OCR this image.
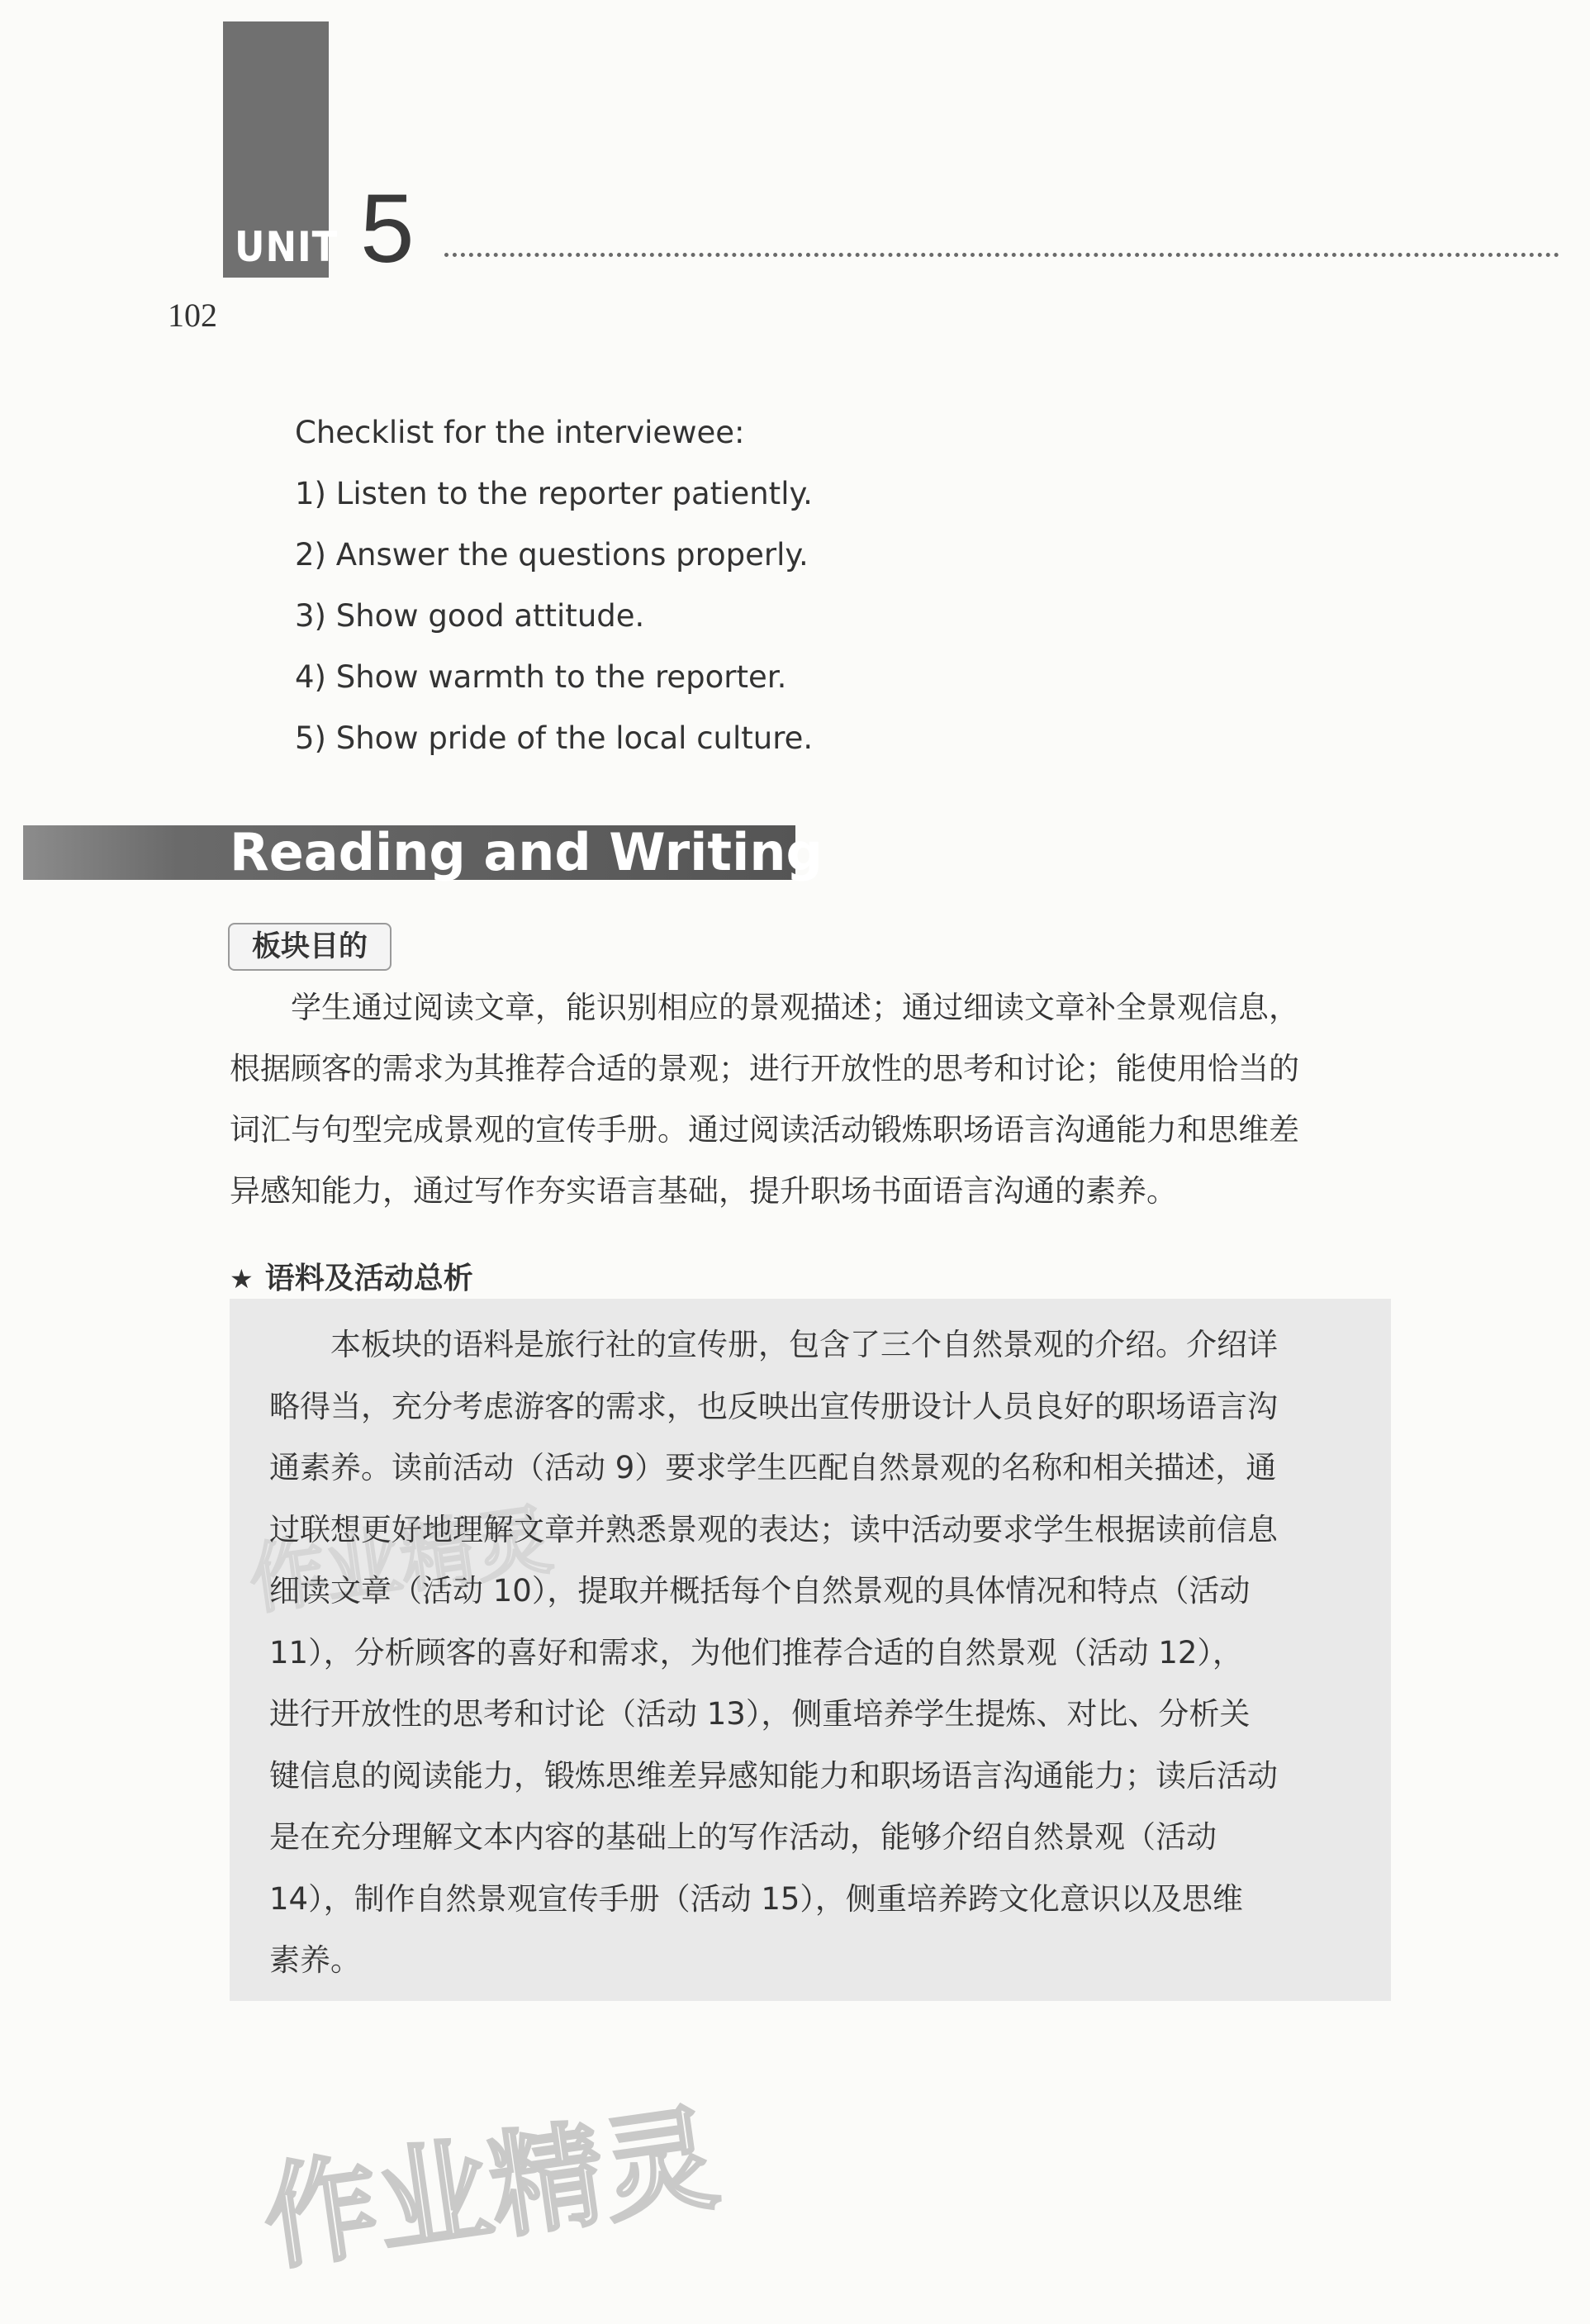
UNIT 5
102
Checklist for the interviewee:
1) Listen to the reporter patiently.
2) Answer the questions properly.
3) Show good attitude.
4) Show warmth to the reporter.
5) Show pride of the local culture.
Reading and Writing
板块目的
　　学生通过阅读文章，能识别相应的景观描述；通过细读文章补全景观信息，
根据顾客的需求为其推荐合适的景观；进行开放性的思考和讨论；能使用恰当的
词汇与句型完成景观的宣传手册。通过阅读活动锻炼职场语言沟通能力和思维差
异感知能力，通过写作夯实语言基础，提升职场书面语言沟通的素养。
★ 语料及活动总析
作业精灵
　　本板块的语料是旅行社的宣传册，包含了三个自然景观的介绍。介绍详
略得当，充分考虑游客的需求，也反映出宣传册设计人员良好的职场语言沟
通素养。读前活动（活动 9）要求学生匹配自然景观的名称和相关描述，通
过联想更好地理解文章并熟悉景观的表达；读中活动要求学生根据读前信息
细读文章（活动 10），提取并概括每个自然景观的具体情况和特点（活动
11），分析顾客的喜好和需求，为他们推荐合适的自然景观（活动 12），
进行开放性的思考和讨论（活动 13），侧重培养学生提炼、对比、分析关
键信息的阅读能力，锻炼思维差异感知能力和职场语言沟通能力；读后活动
是在充分理解文本内容的基础上的写作活动，能够介绍自然景观（活动
14），制作自然景观宣传手册（活动 15），侧重培养跨文化意识以及思维
素养。
作业精灵
